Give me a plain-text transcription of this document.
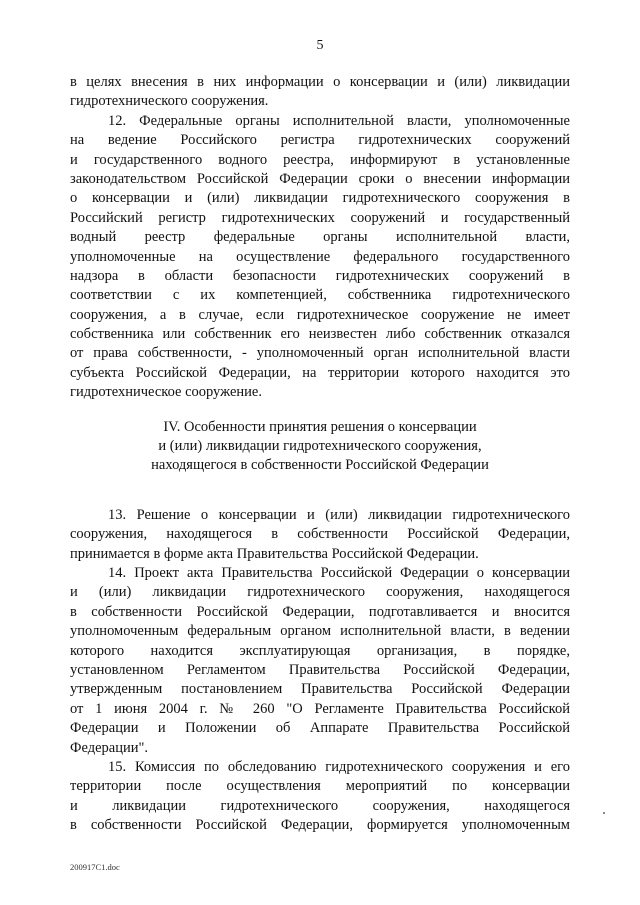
5
в целях внесения в них информации о консервации и (или) ликвидации
гидротехнического сооружения.
12. Федеральные органы исполнительной власти, уполномоченные
на ведение Российского регистра гидротехнических сооружений
и государственного водного реестра, информируют в установленные
законодательством Российской Федерации сроки о внесении информации
о консервации и (или) ликвидации гидротехнического сооружения в
Российский регистр гидротехнических сооружений и государственный
водный реестр федеральные органы исполнительной власти,
уполномоченные на осуществление федерального государственного
надзора в области безопасности гидротехнических сооружений в
соответствии с их компетенцией, собственника гидротехнического
сооружения, а в случае, если гидротехническое сооружение не имеет
собственника или собственник его неизвестен либо собственник отказался
от права собственности, - уполномоченный орган исполнительной власти
субъекта Российской Федерации, на территории которого находится это
гидротехническое сооружение.
IV. Особенности принятия решения о консервации
и (или) ликвидации гидротехнического сооружения,
находящегося в собственности Российской Федерации
13. Решение о консервации и (или) ликвидации гидротехнического
сооружения, находящегося в собственности Российской Федерации,
принимается в форме акта Правительства Российской Федерации.
14. Проект акта Правительства Российской Федерации о консервации
и (или) ликвидации гидротехнического сооружения, находящегося
в собственности Российской Федерации, подготавливается и вносится
уполномоченным федеральным органом исполнительной власти, в ведении
которого находится эксплуатирующая организация, в порядке,
установленном Регламентом Правительства Российской Федерации,
утвержденным постановлением Правительства Российской Федерации
от 1 июня 2004 г. № 260 "О Регламенте Правительства Российской
Федерации и Положении об Аппарате Правительства Российской
Федерации".
15. Комиссия по обследованию гидротехнического сооружения и его
территории после осуществления мероприятий по консервации
и ликвидации гидротехнического сооружения, находящегося
в собственности Российской Федерации, формируется уполномоченным
200917C1.doc
